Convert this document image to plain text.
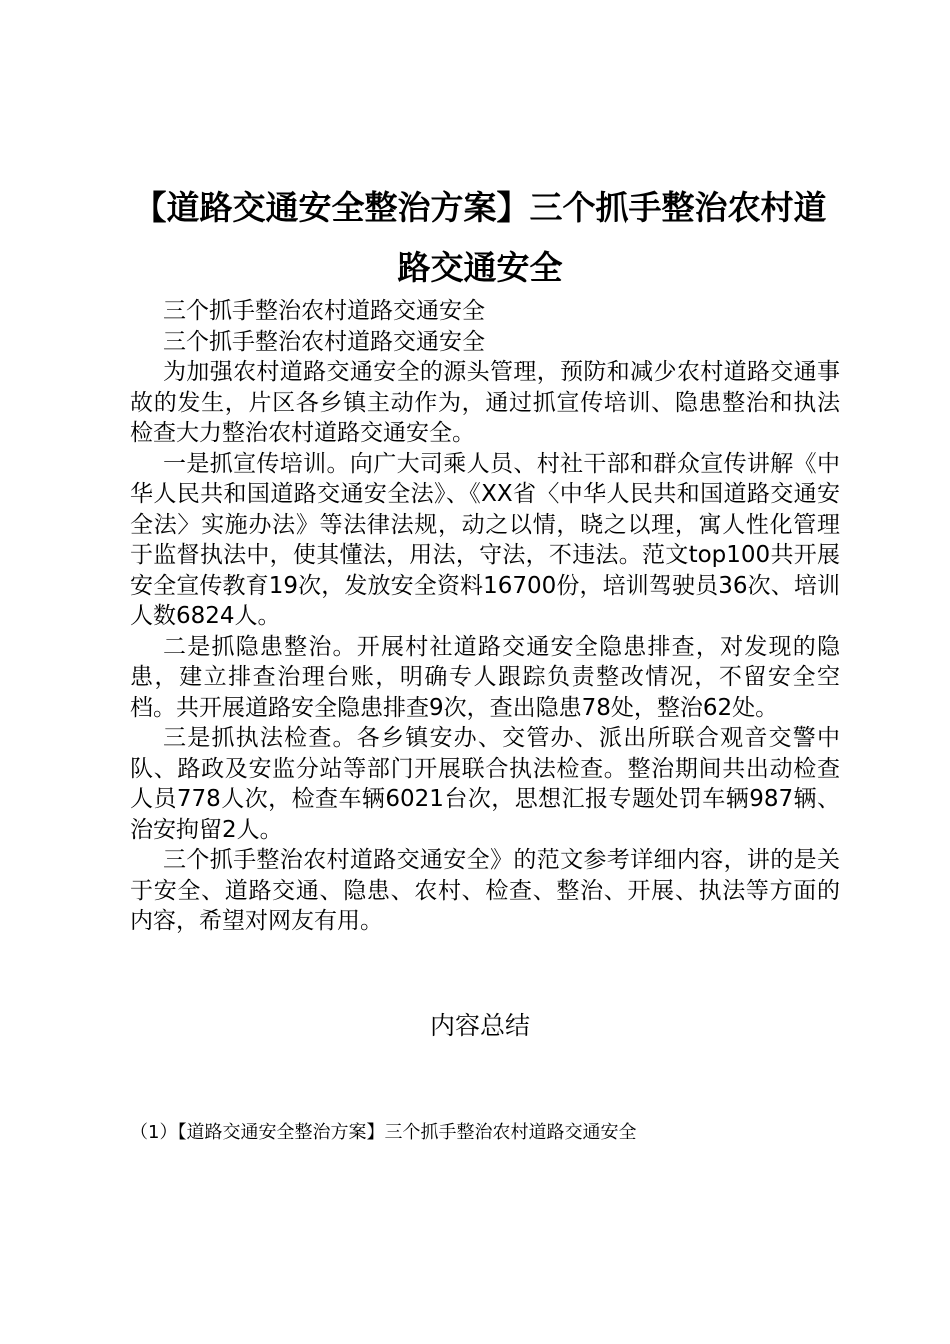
【道路交通安全整治方案】三个抓手整治农村道路交通安全

三个抓手整治农村道路交通安全

三个抓手整治农村道路交通安全

为加强农村道路交通安全的源头管理，预防和减少农村道路交通事故的发生，片区各乡镇主动作为，通过抓宣传培训、隐患整治和执法检查大力整治农村道路交通安全。

一是抓宣传培训。向广大司乘人员、村社干部和群众宣传讲解《中华人民共和国道路交通安全法》、《XX省〈中华人民共和国道路交通安全法〉实施办法》等法律法规，动之以情，晓之以理，寓人性化管理于监督执法中，使其懂法，用法，守法，不违法。范文top100共开展安全宣传教育19次，发放安全资料16700份，培训驾驶员36次、培训人数6824人。

二是抓隐患整治。开展村社道路交通安全隐患排查，对发现的隐患，建立排查治理台账，明确专人跟踪负责整改情况，不留安全空档。共开展道路安全隐患排查9次，查出隐患78处，整治62处。

三是抓执法检查。各乡镇安办、交管办、派出所联合观音交警中队、路政及安监分站等部门开展联合执法检查。整治期间共出动检查人员778人次，检查车辆6021台次，思想汇报专题处罚车辆987辆、治安拘留2人。

三个抓手整治农村道路交通安全》的范文参考详细内容，讲的是关于安全、道路交通、隐患、农村、检查、整治、开展、执法等方面的内容，希望对网友有用。

内容总结

（1）【道路交通安全整治方案】三个抓手整治农村道路交通安全
